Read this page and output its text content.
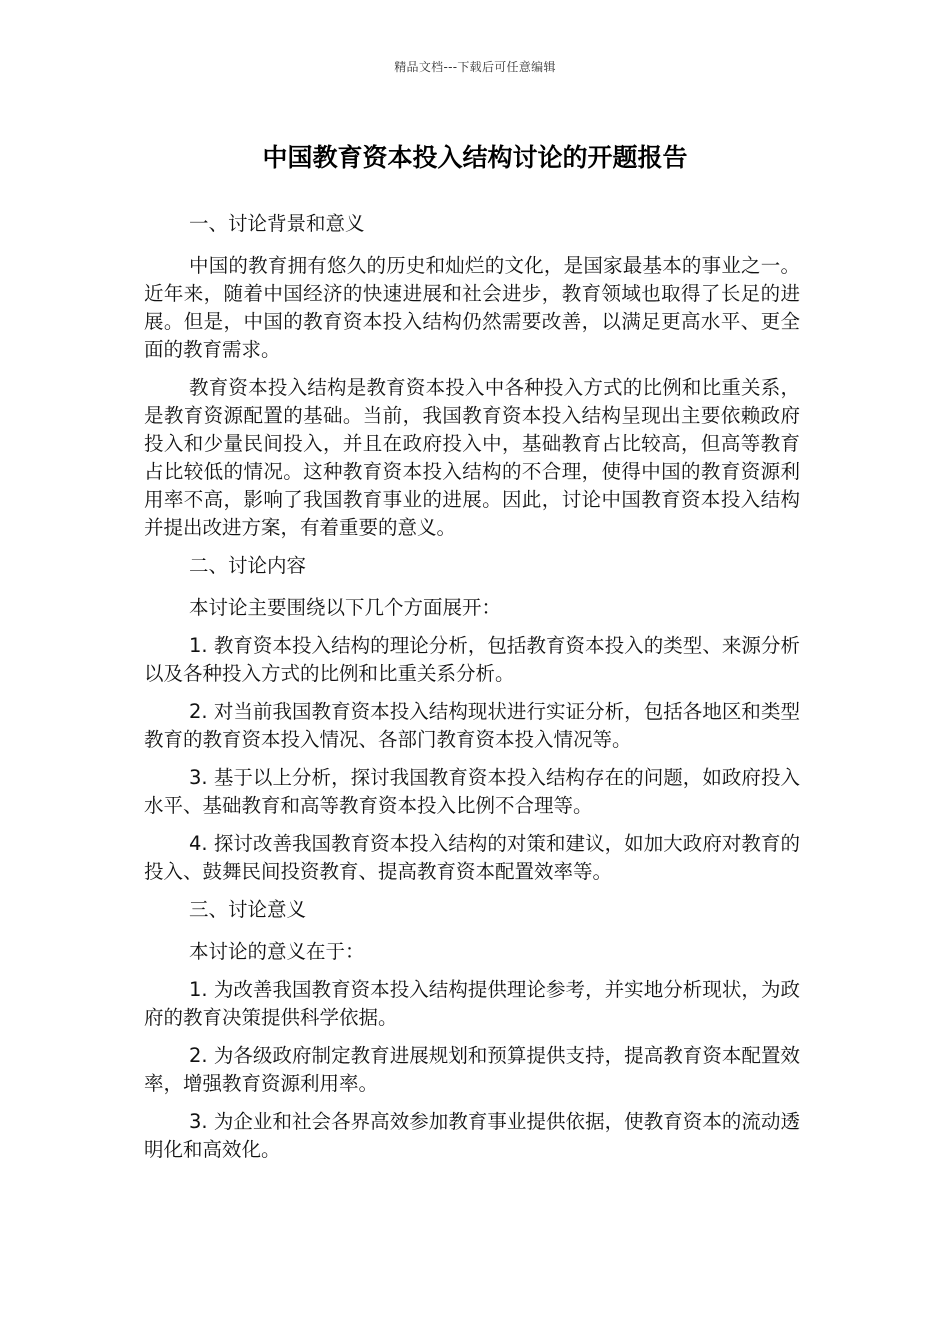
精品文档---下载后可任意编辑
中国教育资本投入结构讨论的开题报告

一、讨论背景和意义

中国的教育拥有悠久的历史和灿烂的文化，是国家最基本的事业之一。近年来，随着中国经济的快速进展和社会进步，教育领域也取得了长足的进展。但是，中国的教育资本投入结构仍然需要改善，以满足更高水平、更全面的教育需求。

教育资本投入结构是教育资本投入中各种投入方式的比例和比重关系，是教育资源配置的基础。当前，我国教育资本投入结构呈现出主要依赖政府投入和少量民间投入，并且在政府投入中，基础教育占比较高，但高等教育占比较低的情况。这种教育资本投入结构的不合理，使得中国的教育资源利用率不高，影响了我国教育事业的进展。因此，讨论中国教育资本投入结构并提出改进方案，有着重要的意义。

二、讨论内容

本讨论主要围绕以下几个方面展开：

1. 教育资本投入结构的理论分析，包括教育资本投入的类型、来源分析以及各种投入方式的比例和比重关系分析。

2. 对当前我国教育资本投入结构现状进行实证分析，包括各地区和类型教育的教育资本投入情况、各部门教育资本投入情况等。

3. 基于以上分析，探讨我国教育资本投入结构存在的问题，如政府投入水平、基础教育和高等教育资本投入比例不合理等。

4. 探讨改善我国教育资本投入结构的对策和建议，如加大政府对教育的投入、鼓舞民间投资教育、提高教育资本配置效率等。

三、讨论意义

本讨论的意义在于：

1. 为改善我国教育资本投入结构提供理论参考，并实地分析现状，为政府的教育决策提供科学依据。

2. 为各级政府制定教育进展规划和预算提供支持，提高教育资本配置效率，增强教育资源利用率。

3. 为企业和社会各界高效参加教育事业提供依据，使教育资本的流动透明化和高效化。
